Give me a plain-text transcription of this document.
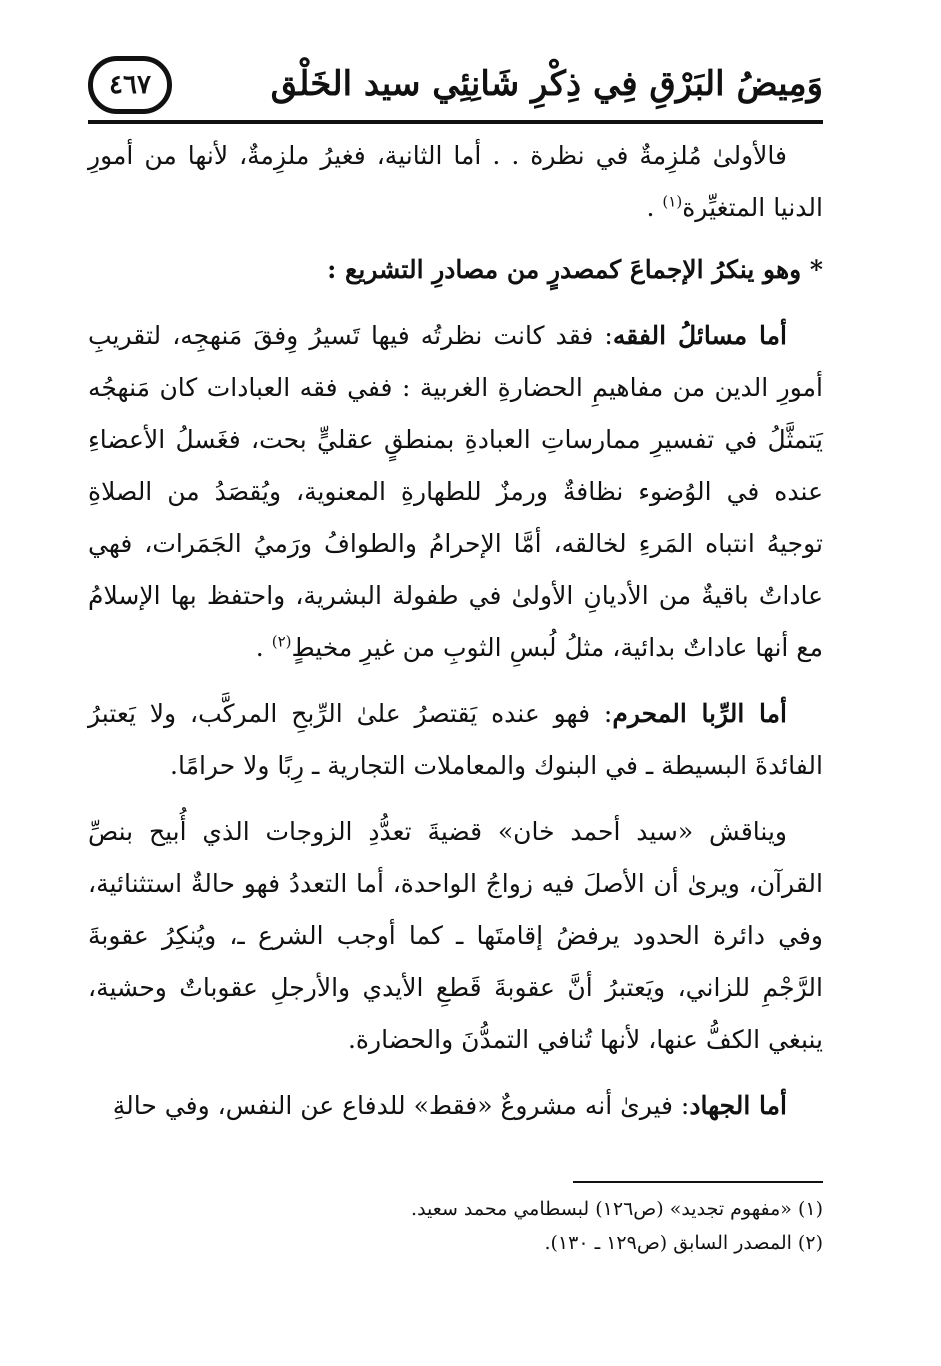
وَمِيضُ البَرْقِ فِي ذِكْرِ شَانِئِي سيد الخَلْق
٤٦٧

فالأولىٰ مُلزِمةٌ في نظرة . . أما الثانية، فغيرُ ملزِمةٌ، لأنها من أمورِ الدنيا المتغيِّرة$^{(١)}$ .

* وهو ينكرُ الإجماعَ كمصدرٍ من مصادرِ التشريع :

أما مسائلُ الفقه: فقد كانت نظرتُه فيها تَسيرُ وِفقَ مَنهجِه، لتقريبِ أمورِ الدين من مفاهيمِ الحضارةِ الغربية : ففي فقه العبادات كان مَنهجُه يَتمثَّلُ في تفسيرِ ممارساتِ العبادةِ بمنطقٍ عقليٍّ بحت، فغَسلُ الأعضاءِ عنده في الوُضوء نظافةٌ ورمزٌ للطهارةِ المعنوية، ويُقصَدُ من الصلاةِ توجيهُ انتباه المَرءِ لخالقه، أمَّا الإحرامُ والطوافُ ورَميُ الجَمَرات، فهي عاداتٌ باقيةٌ من الأديانِ الأولىٰ في طفولة البشرية، واحتفظ بها الإسلامُ مع أنها عاداتٌ بدائية، مثلُ لُبسِ الثوبِ من غيرِ مخيطٍ$^{(٢)}$ .

أما الرِّبا المحرم: فهو عنده يَقتصرُ علىٰ الرِّبحِ المركَّب، ولا يَعتبرُ الفائدةَ البسيطة ـ في البنوك والمعاملات التجارية ـ رِبًا ولا حرامًا.

ويناقش «سيد أحمد خان» قضيةَ تعدُّدِ الزوجات الذي أُبيح بنصِّ القرآن، ويرىٰ أن الأصلَ فيه زواجُ الواحدة، أما التعددُ فهو حالةٌ استثنائية، وفي دائرة الحدود يرفضُ إقامتَها ـ كما أوجب الشرع ـ، ويُنكِرُ عقوبةَ الرَّجْمِ للزاني، ويَعتبرُ أنَّ عقوبةَ قَطعِ الأيدي والأرجلِ عقوباتٌ وحشية، ينبغي الكفُّ عنها، لأنها تُنافي التمدُّنَ والحضارة.

أما الجهاد: فيرىٰ أنه مشروعٌ «فقط» للدفاع عن النفس، وفي حالةِ

(١) «مفهوم تجديد» (ص١٢٦) لبسطامي محمد سعيد.
(٢) المصدر السابق (ص١٢٩ ـ ١٣٠).
